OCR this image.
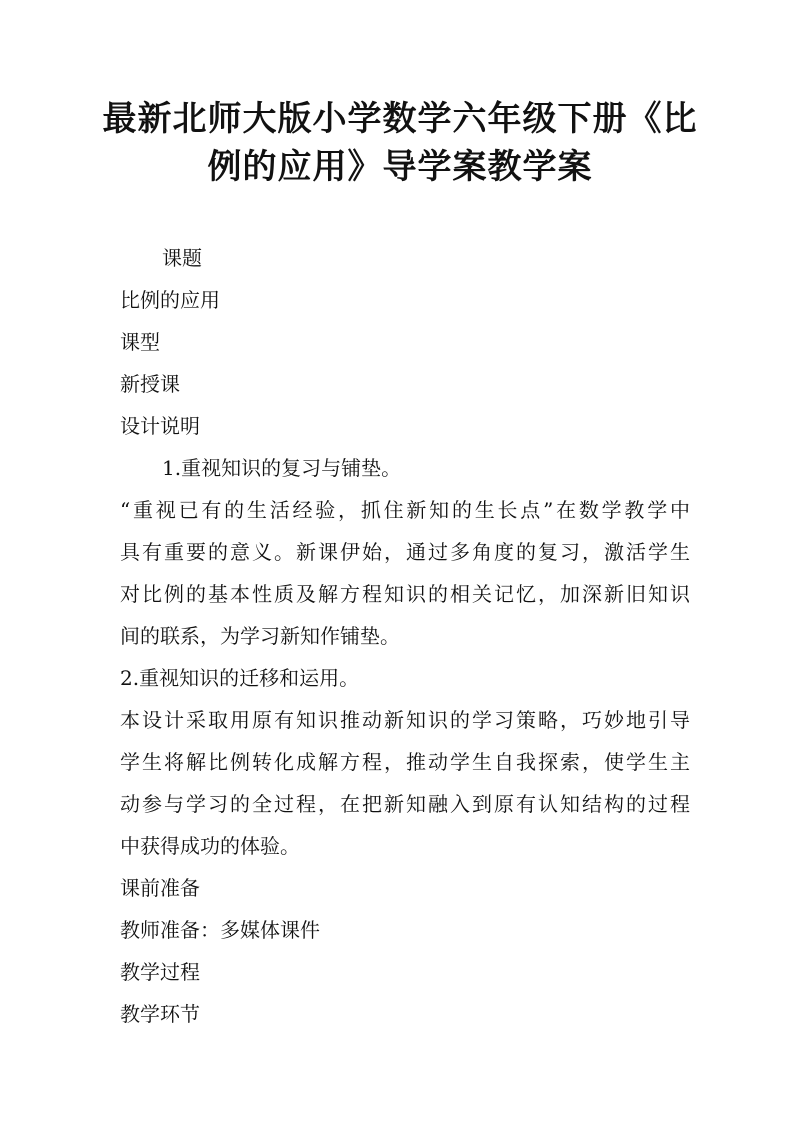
最新北师大版小学数学六年级下册《比
例的应用》导学案教学案

课题

比例的应用

课型

新授课

设计说明

1.重视知识的复习与铺垫。

“重视已有的生活经验，抓住新知的生长点”在数学教学中

具有重要的意义。新课伊始，通过多角度的复习，激活学生

对比例的基本性质及解方程知识的相关记忆，加深新旧知识

间的联系，为学习新知作铺垫。

2.重视知识的迁移和运用。

本设计采取用原有知识推动新知识的学习策略，巧妙地引导

学生将解比例转化成解方程，推动学生自我探索，使学生主

动参与学习的全过程，在把新知融入到原有认知结构的过程

中获得成功的体验。

课前准备

教师准备：多媒体课件

教学过程

教学环节
